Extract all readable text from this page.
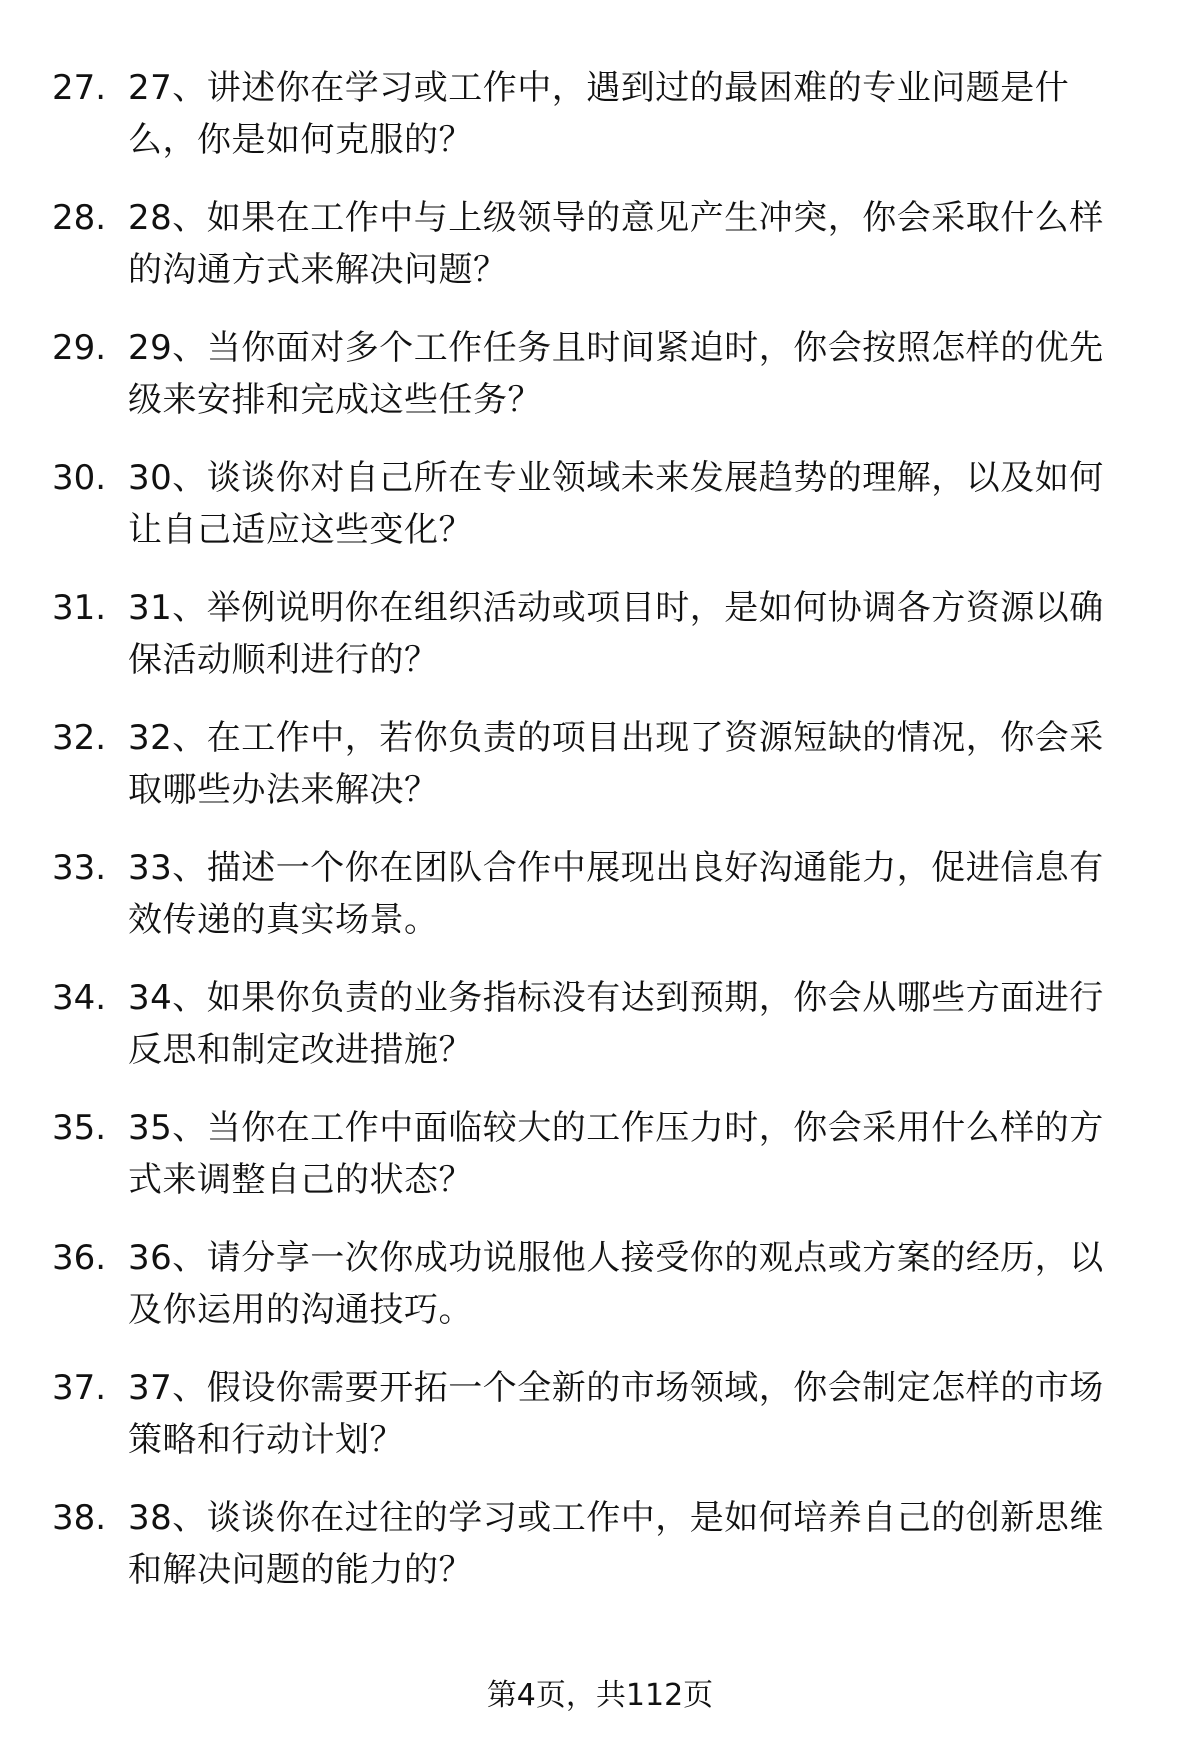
27. 27、讲述你在学习或工作中，遇到过的最困难的专业问题是什
么，你是如何克服的？
28. 28、如果在工作中与上级领导的意见产生冲突，你会采取什么样
的沟通方式来解决问题？
29. 29、当你面对多个工作任务且时间紧迫时，你会按照怎样的优先
级来安排和完成这些任务？
30. 30、谈谈你对自己所在专业领域未来发展趋势的理解，以及如何
让自己适应这些变化？
31. 31、举例说明你在组织活动或项目时，是如何协调各方资源以确
保活动顺利进行的？
32. 32、在工作中，若你负责的项目出现了资源短缺的情况，你会采
取哪些办法来解决？
33. 33、描述一个你在团队合作中展现出良好沟通能力，促进信息有
效传递的真实场景。
34. 34、如果你负责的业务指标没有达到预期，你会从哪些方面进行
反思和制定改进措施？
35. 35、当你在工作中面临较大的工作压力时，你会采用什么样的方
式来调整自己的状态？
36. 36、请分享一次你成功说服他人接受你的观点或方案的经历，以
及你运用的沟通技巧。
37. 37、假设你需要开拓一个全新的市场领域，你会制定怎样的市场
策略和行动计划？
38. 38、谈谈你在过往的学习或工作中，是如何培养自己的创新思维
和解决问题的能力的？
第4页，共112页
